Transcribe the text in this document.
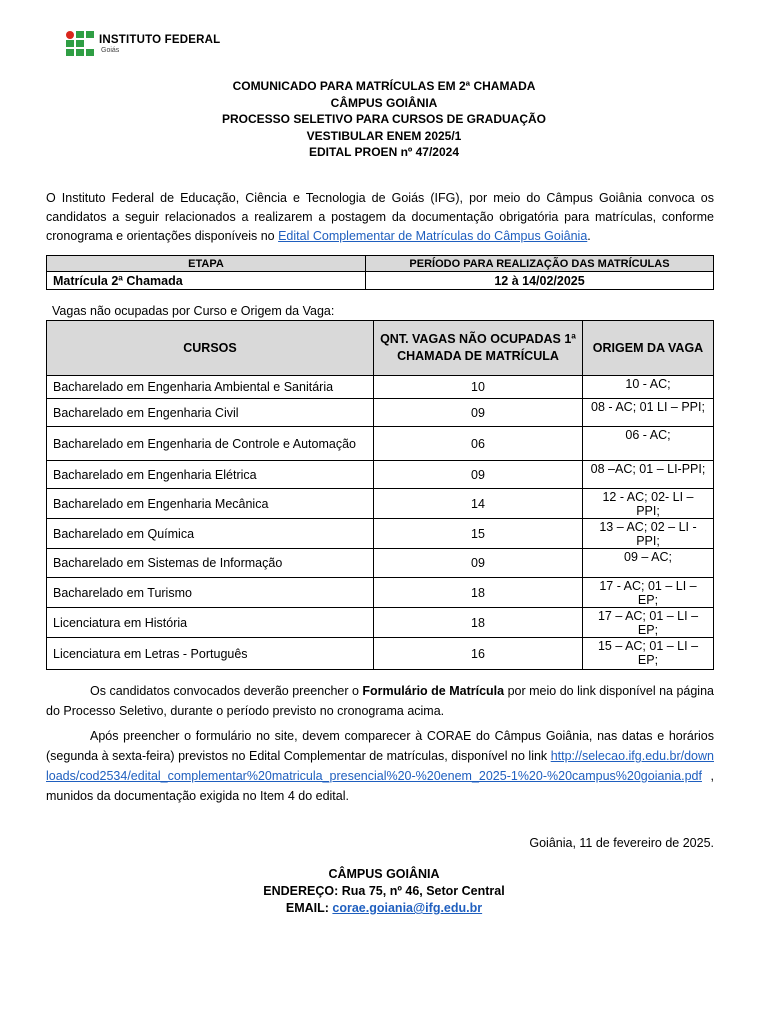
INSTITUTO FEDERAL
Goiás
COMUNICADO PARA MATRÍCULAS EM 2ª CHAMADA
CÂMPUS GOIÂNIA
PROCESSO SELETIVO PARA CURSOS DE GRADUAÇÃO
VESTIBULAR ENEM 2025/1
EDITAL PROEN nº 47/2024
O Instituto Federal de Educação, Ciência e Tecnologia de Goiás (IFG), por meio do Câmpus Goiânia convoca os candidatos a seguir relacionados a realizarem a postagem da documentação obrigatória para matrículas, conforme cronograma e orientações disponíveis no Edital Complementar de Matrículas do Câmpus Goiânia.
ETAPA	PERÍODO PARA REALIZAÇÃO DAS MATRÍCULAS
Matrícula 2ª Chamada	12 à 14/02/2025
Vagas não ocupadas por Curso e Origem da Vaga:
CURSOS	QNT. VAGAS NÃO OCUPADAS 1ª CHAMADA DE MATRÍCULA	ORIGEM DA VAGA
Bacharelado em Engenharia Ambiental e Sanitária	10	10 - AC;
Bacharelado em Engenharia Civil	09	08 - AC; 01 LI – PPI;
Bacharelado em Engenharia de Controle e Automação	06	06 - AC;
Bacharelado em Engenharia Elétrica	09	08 –AC; 01 – LI-PPI;
Bacharelado em Engenharia Mecânica	14	12 - AC; 02- LI – PPI;
Bacharelado em Química	15	13 – AC; 02 – LI - PPI;
Bacharelado em Sistemas de Informação	09	09 – AC;
Bacharelado em Turismo	18	17 - AC; 01 – LI – EP;
Licenciatura em História	18	17 – AC; 01 – LI – EP;
Licenciatura em Letras - Português	16	15 – AC; 01 – LI – EP;
Os candidatos convocados deverão preencher o Formulário de Matrícula por meio do link disponível na página do Processo Seletivo, durante o período previsto no cronograma acima.
Após preencher o formulário no site, devem comparecer à CORAE do Câmpus Goiânia, nas datas e horários (segunda à sexta-feira) previstos no Edital Complementar de matrículas, disponível no link http://selecao.ifg.edu.br/downloads/cod2534/edital_complementar%20matricula_presencial%20-%20enem_2025-1%20-%20campus%20goiania.pdf , munidos da documentação exigida no Item 4 do edital.
Goiânia, 11 de fevereiro de 2025.
CÂMPUS GOIÂNIA
ENDEREÇO: Rua 75, nº 46, Setor Central
EMAIL: corae.goiania@ifg.edu.br
